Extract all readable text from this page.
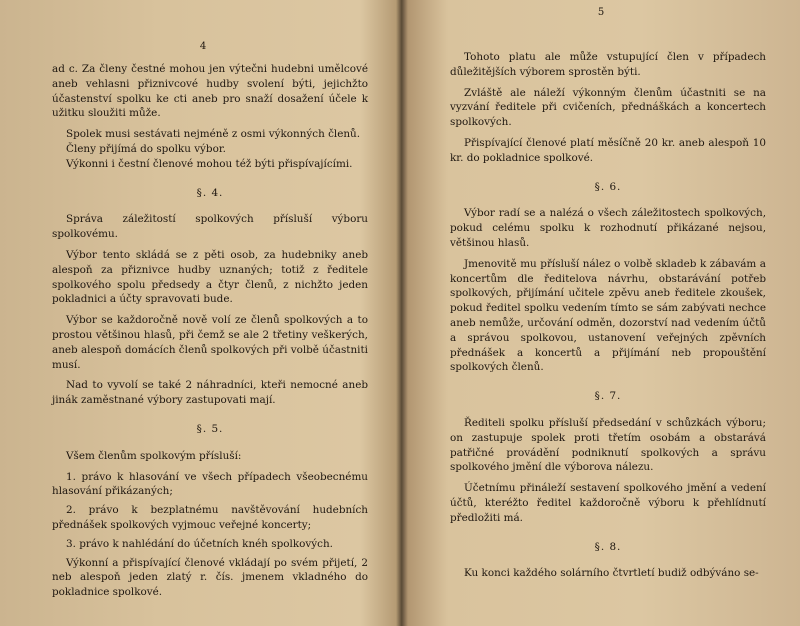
4

ad c. Za členy čestné mohou jen výtečni hudebni umělcové aneb vehlasni přiznivcové hudby svolení býti, jejichžto účastenství spolku ke cti aneb pro snaží dosažení účele k užitku sloužiti může.

Spolek musi sestávati nejméně z osmi výkonných členů.

Členy přijímá do spolku výbor.

Výkonni i čestní členové mohou též býti přispívajícími.

§. 4.

Správa záležitostí spolkových přísluší výboru spolkovému.

Výbor tento skládá se z pěti osob, za hudebniky aneb alespoň za přiznivce hudby uznaných; totiž z ředitele spolkového spolu předsedy a čtyr členů, z nichžto jeden pokladnici a účty spravovati bude.

Výbor se každoročně nově volí ze členů spolkových a to prostou většinou hlasů, při čemž se ale 2 třetiny veškerých, aneb alespoň domácích členů spolkových při volbě účastniti musí.

Nad to vyvolí se také 2 náhradníci, kteři nemocné aneb jinák zaměstnané výbory zastupovati mají.

§. 5.

Všem členům spolkovým přísluší:

1. právo k hlasování ve všech případech všeobecnému hlasování přikázaných;

2. právo k bezplatnému navštěvování hudebních přednášek spolkových vyjmouc veřejné koncerty;

3. právo k nahlédání do účetních knéh spolkových.

Výkonní a přispívající členové vkládají po svém přijetí, 2 neb alespoň jeden zlatý r. čís. jmenem vkladného do pokladnice spolkové.

5

Tohoto platu ale může vstupující člen v případech důležitějších výborem sprostěn býti.

Zvláště ale náleží výkonným členům účastniti se na vyzvání ředitele při cvičeních, přednáškách a koncertech spolkových.

Přispívající členové platí měsíčně 20 kr. aneb alespoň 10 kr. do pokladnice spolkové.

§. 6.

Výbor radí se a nalézá o všech záležitostech spolkových, pokud celému spolku k rozhodnutí přikázané nejsou, většinou hlasů.

Jmenovitě mu přísluší nález o volbě skladeb k zábavám a koncertům dle ředitelova návrhu, obstarávání potřeb spolkových, přijímání učitele zpěvu aneb ředitele zkoušek, pokud ředitel spolku vedením tímto se sám zabývati nechce aneb nemůže, určování odměn, dozorství nad vedením účtů a správou spolkovou, ustanovení veřejných zpěvních přednášek a koncertů a přijímání neb propouštění spolkových členů.

§. 7.

Řediteli spolku přísluší předsedání v schůzkách výboru; on zastupuje spolek proti třetím osobám a obstarává patřičné provádění podniknutí spolkových a správu spolkového jmění dle výborova nálezu.

Účetnímu přináleží sestavení spolkového jmění a vedení účtů, kteréžto ředitel každoročně výboru k přehlídnutí předložiti má.

§. 8.

Ku konci každého solárního čtvrtletí budiž odbýváno se-
